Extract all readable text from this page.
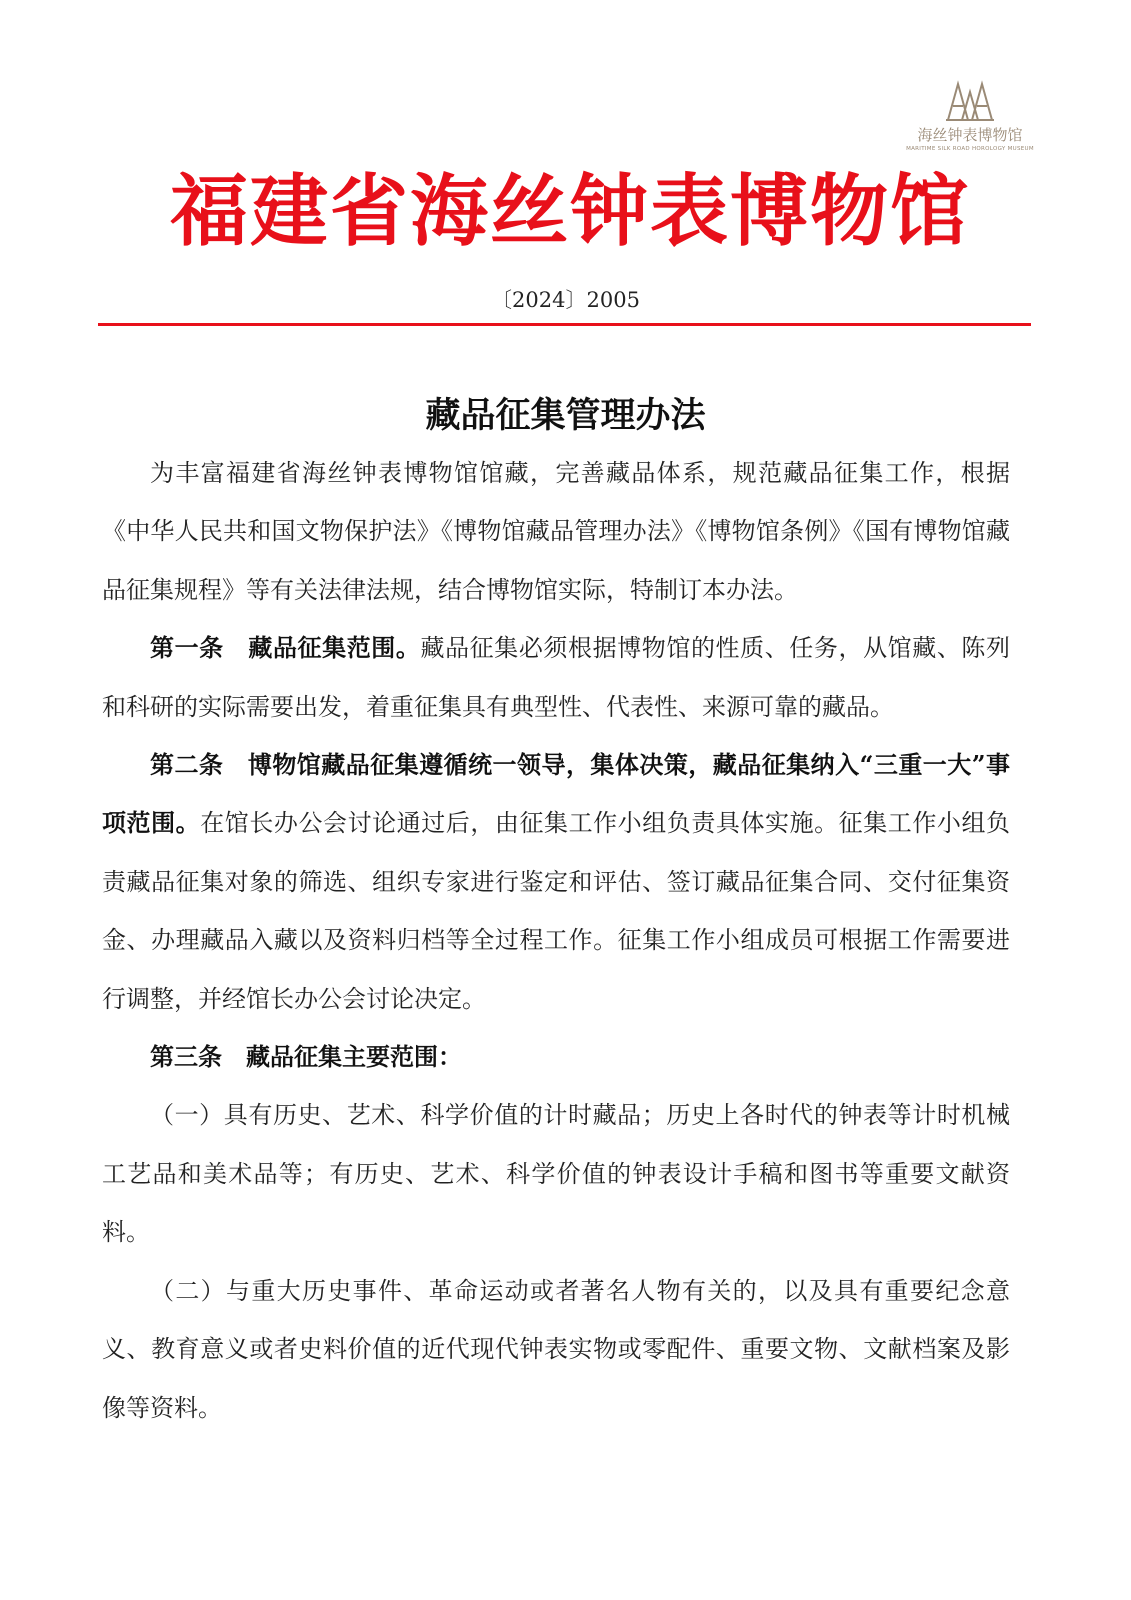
海丝钟表博物馆
MARITIME SILK ROAD HOROLOGY MUSEUM
福建省海丝钟表博物馆
〔2024〕2005
藏品征集管理办法

为丰富福建省海丝钟表博物馆馆藏，完善藏品体系，规范藏品征集工作，根据《中华人民共和国文物保护法》《博物馆藏品管理办法》《博物馆条例》《国有博物馆藏品征集规程》等有关法律法规，结合博物馆实际，特制订本办法。

第一条　藏品征集范围。藏品征集必须根据博物馆的性质、任务，从馆藏、陈列和科研的实际需要出发，着重征集具有典型性、代表性、来源可靠的藏品。

第二条　博物馆藏品征集遵循统一领导，集体决策，藏品征集纳入“三重一大”事项范围。在馆长办公会讨论通过后，由征集工作小组负责具体实施。征集工作小组负责藏品征集对象的筛选、组织专家进行鉴定和评估、签订藏品征集合同、交付征集资金、办理藏品入藏以及资料归档等全过程工作。征集工作小组成员可根据工作需要进行调整，并经馆长办公会讨论决定。

第三条　藏品征集主要范围：

（一）具有历史、艺术、科学价值的计时藏品；历史上各时代的钟表等计时机械工艺品和美术品等；有历史、艺术、科学价值的钟表设计手稿和图书等重要文献资料。

（二）与重大历史事件、革命运动或者著名人物有关的，以及具有重要纪念意义、教育意义或者史料价值的近代现代钟表实物或零配件、重要文物、文献档案及影像等资料。
